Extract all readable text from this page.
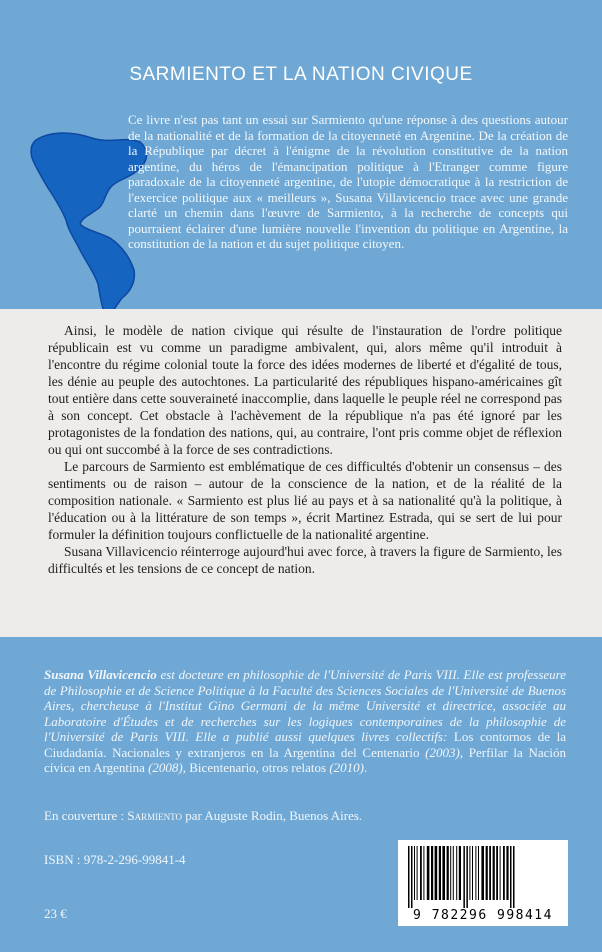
SARMIENTO ET LA NATION CIVIQUE

Ce livre n'est pas tant un essai sur Sarmiento qu'une réponse à des questions autour de la nationalité et de la formation de la citoyenneté en Argentine. De la création de la République par décret à l'énigme de la révolution constitutive de la nation argentine, du héros de l'émancipation politique à l'Etranger comme figure paradoxale de la citoyenneté argentine, de l'utopie démocratique à la restriction de l'exercice politique aux « meilleurs », Susana Villavicencio trace avec une grande clarté un chemin dans l'œuvre de Sarmiento, à la recherche de concepts qui pourraient éclairer d'une lumière nouvelle l'invention du politique en Argentine, la constitution de la nation et du sujet politique citoyen.

Ainsi, le modèle de nation civique qui résulte de l'instauration de l'ordre politique républicain est vu comme un paradigme ambivalent, qui, alors même qu'il introduit à l'encontre du régime colonial toute la force des idées modernes de liberté et d'égalité de tous, les dénie au peuple des autochtones. La particularité des républiques hispano-américaines gît tout entière dans cette souveraineté inaccomplie, dans laquelle le peuple réel ne correspond pas à son concept. Cet obstacle à l'achèvement de la république n'a pas été ignoré par les protagonistes de la fondation des nations, qui, au contraire, l'ont pris comme objet de réflexion ou qui ont succombé à la force de ses contradictions.

Le parcours de Sarmiento est emblématique de ces difficultés d'obtenir un consensus – des sentiments ou de raison – autour de la conscience de la nation, et de la réalité de la composition nationale. « Sarmiento est plus lié au pays et à sa nationalité qu'à la politique, à l'éducation ou à la littérature de son temps », écrit Martinez Estrada, qui se sert de lui pour formuler la définition toujours conflictuelle de la nationalité argentine.

Susana Villavicencio réinterroge aujourd'hui avec force, à travers la figure de Sarmiento, les difficultés et les tensions de ce concept de nation.

Susana Villavicencio est docteure en philosophie de l'Université de Paris VIII. Elle est professeure de Philosophie et de Science Politique à la Faculté des Sciences Sociales de l'Université de Buenos Aires, chercheuse à l'Institut Gino Germani de la même Université et directrice, associée au Laboratoire d'Études et de recherches sur les logiques contemporaines de la philosophie de l'Université de Paris VIII. Elle a publié aussi quelques livres collectifs: Los contornos de la Ciudadanía. Nacionales y extranjeros en la Argentina del Centenario (2003), Perfilar la Nación cívica en Argentina (2008), Bicentenario, otros relatos (2010).

En couverture : Sarmiento par Auguste Rodin, Buenos Aires.

ISBN : 978-2-296-99841-4

23 €	9 782296 998414
